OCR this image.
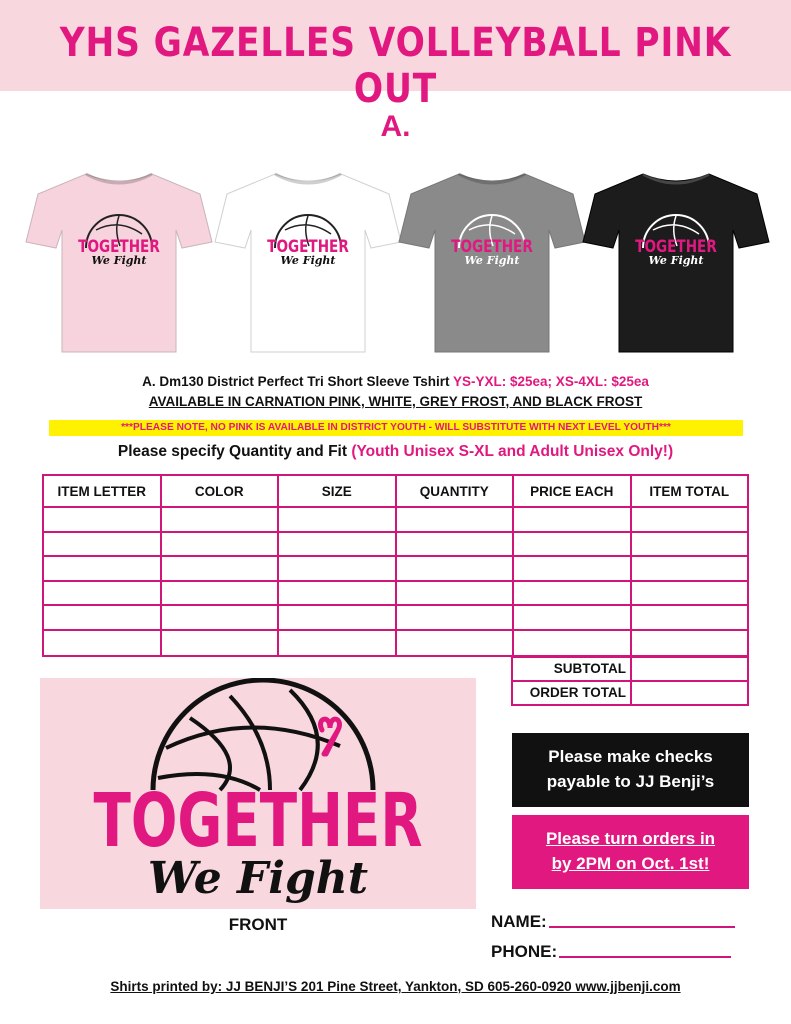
YHS GAZELLES VOLLEYBALL PINK OUT
A.
TOGETHER
We Fight
TOGETHER
We Fight
TOGETHER
We Fight
TOGETHER
We Fight
A. Dm130 District Perfect Tri Short Sleeve Tshirt YS-YXL: $25ea; XS-4XL: $25ea
AVAILABLE IN CARNATION PINK, WHITE, GREY FROST, AND BLACK FROST
***PLEASE NOTE, NO PINK IS AVAILABLE IN DISTRICT YOUTH - WILL SUBSTITUTE WITH NEXT LEVEL YOUTH***
Please specify Quantity and Fit (Youth Unisex S-XL and Adult Unisex Only!)
ITEM LETTER	COLOR	SIZE	QUANTITY	PRICE EACH	ITEM TOTAL
SUBTOTAL
ORDER TOTAL
TOGETHER
We Fight
FRONT
Please make checks
payable to JJ Benji’s
Please turn orders in
by 2PM on Oct. 1st!
NAME:
PHONE:
Shirts printed by: JJ BENJI’S 201 Pine Street, Yankton, SD 605-260-0920 www.jjbenji.com
